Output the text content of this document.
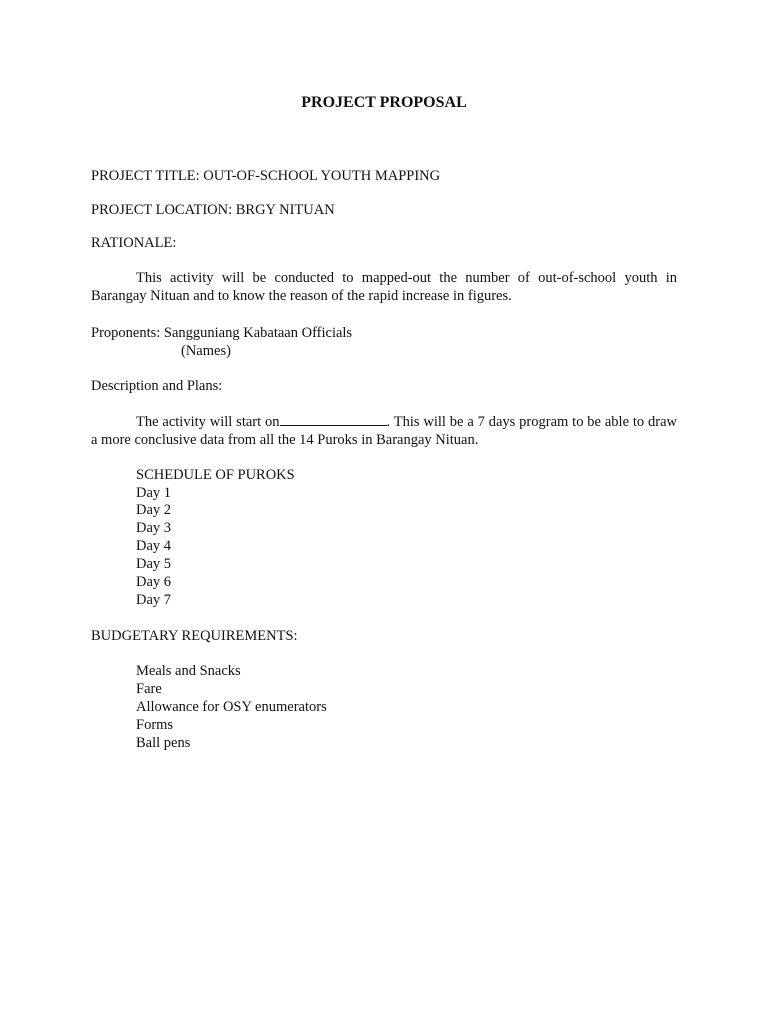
PROJECT PROPOSAL
PROJECT TITLE: OUT-OF-SCHOOL YOUTH MAPPING
PROJECT LOCATION: BRGY NITUAN
RATIONALE:
This activity will be conducted to mapped-out the number of out-of-school youth in Barangay Nituan and to know the reason of the rapid increase in figures.
Proponents: Sangguniang Kabataan Officials
(Names)
Description and Plans:
The activity will start on	. This will be a 7 days program to be able to draw a more conclusive data from all the 14 Puroks in Barangay Nituan.
SCHEDULE OF PUROKS
Day 1
Day 2
Day 3
Day 4
Day 5
Day 6
Day 7
BUDGETARY REQUIREMENTS:
Meals and Snacks
Fare
Allowance for OSY enumerators
Forms
Ball pens
